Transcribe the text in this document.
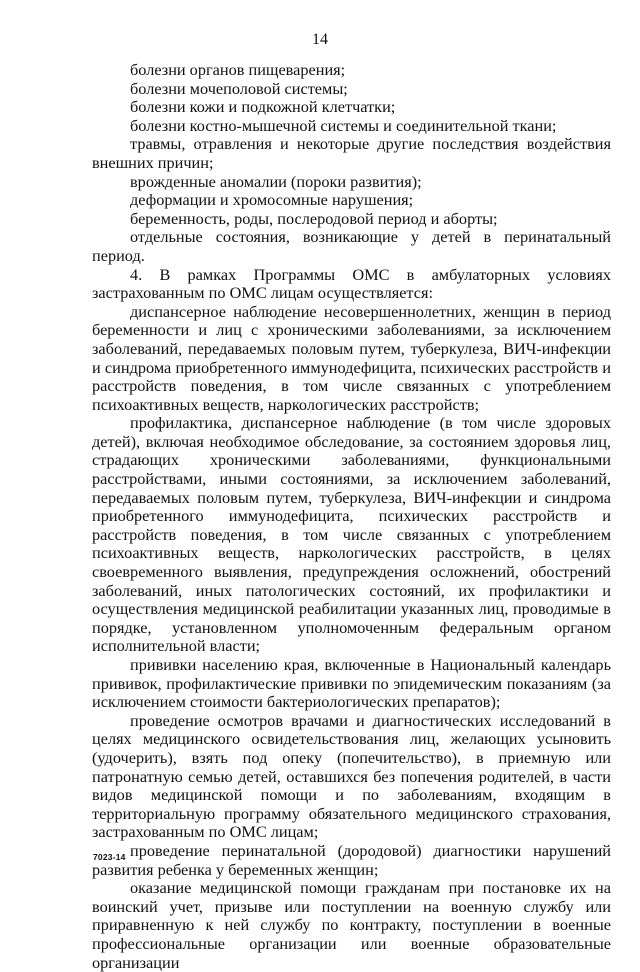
14

болезни органов пищеварения;

болезни мочеполовой системы;

болезни кожи и подкожной клетчатки;

болезни костно-мышечной системы и соединительной ткани;

травмы, отравления и некоторые другие последствия воздействия внешних причин;

врожденные аномалии (пороки развития);

деформации и хромосомные нарушения;

беременность, роды, послеродовой период и аборты;

отдельные состояния, возникающие у детей в перинатальный период.

4. В рамках Программы ОМС в амбулаторных условиях застрахованным по ОМС лицам осуществляется:

диспансерное наблюдение несовершеннолетних, женщин в период беременности и лиц с хроническими заболеваниями, за исключением заболеваний, передаваемых половым путем, туберкулеза, ВИЧ-инфекции и синдрома приобретенного иммунодефицита, психических расстройств и расстройств поведения, в том числе связанных с употреблением психоактивных веществ, наркологических расстройств;

профилактика, диспансерное наблюдение (в том числе здоровых детей), включая необходимое обследование, за состоянием здоровья лиц, страдающих хроническими заболеваниями, функциональными расстройствами, иными состояниями, за исключением заболеваний, передаваемых половым путем, туберкулеза, ВИЧ-инфекции и синдрома приобретенного иммунодефицита, психических расстройств и расстройств поведения, в том числе связанных с употреблением психоактивных веществ, наркологических расстройств, в целях своевременного выявления, предупреждения осложнений, обострений заболеваний, иных патологических состояний, их профилактики и осуществления медицинской реабилитации указанных лиц, проводимые в порядке, установленном уполномоченным федеральным органом исполнительной власти;

прививки населению края, включенные в Национальный календарь прививок, профилактические прививки по эпидемическим показаниям (за исключением стоимости бактериологических препаратов);

проведение осмотров врачами и диагностических исследований в целях медицинского освидетельствования лиц, желающих усыновить (удочерить), взять под опеку (попечительство), в приемную или патронатную семью детей, оставшихся без попечения родителей, в части видов медицинской помощи и по заболеваниям, входящим в территориальную программу обязательного медицинского страхования, застрахованным по ОМС лицам;

проведение перинатальной (дородовой) диагностики нарушений развития ребенка у беременных женщин;

оказание медицинской помощи гражданам при постановке их на воинский учет, призыве или поступлении на военную службу или приравненную к ней службу по контракту, поступлении в военные профессиональные организации или военные образовательные организации

7023-14
